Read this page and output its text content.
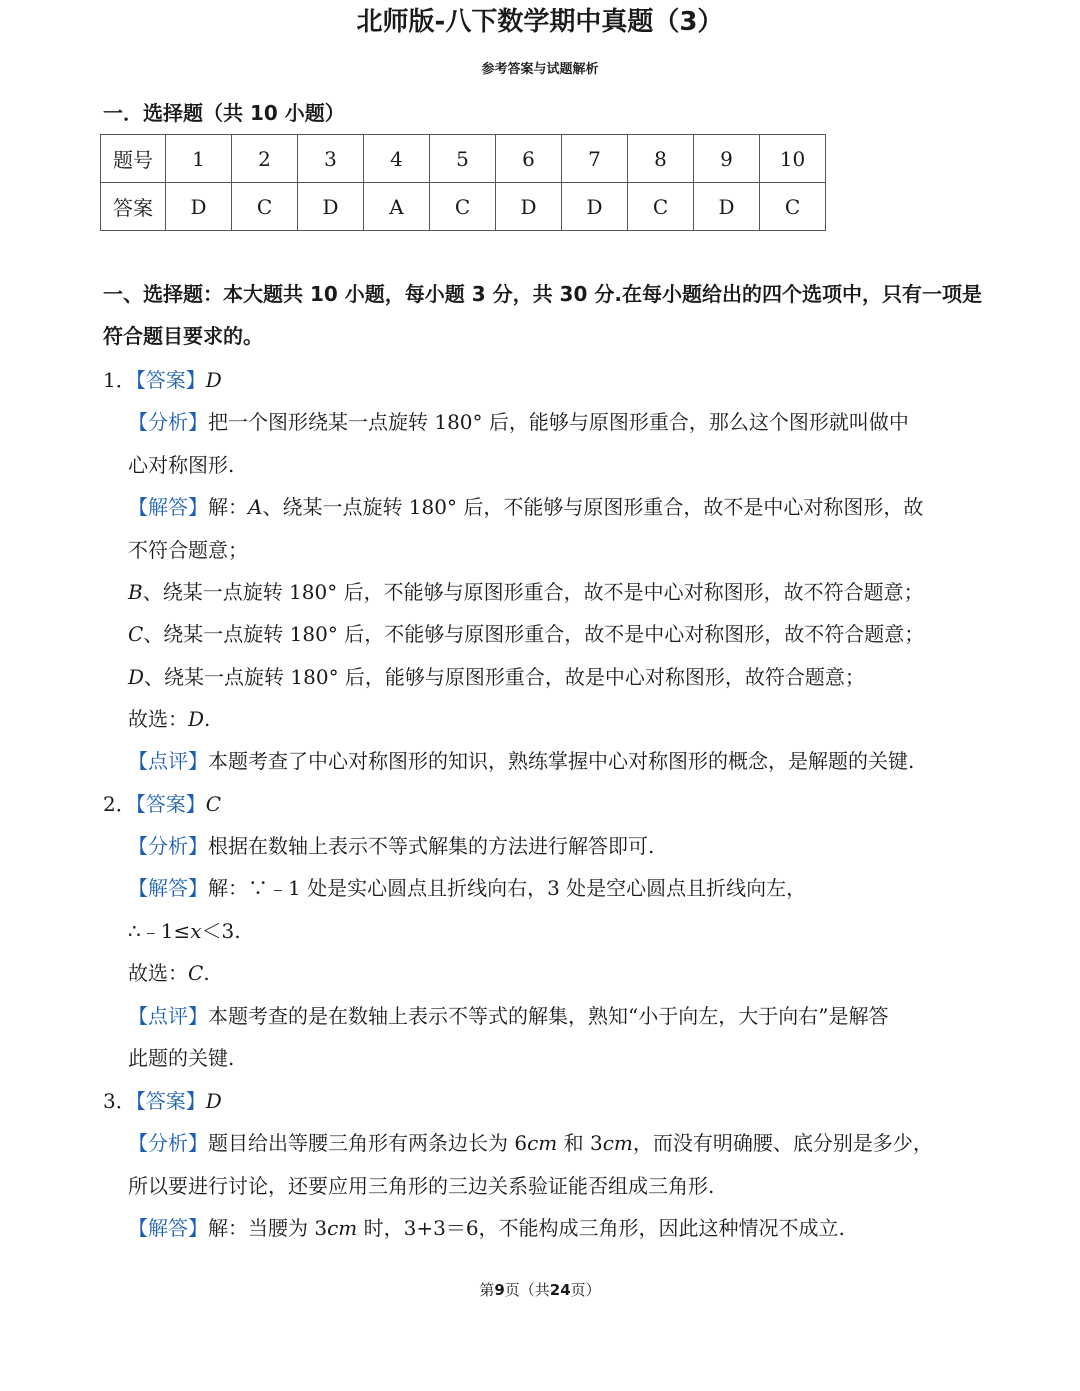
北师版-八下数学期中真题（3）
参考答案与试题解析
一．选择题（共 10 小题）
题号	1	2	3	4	5	6	7	8	9	10
答案	D	C	D	A	C	D	D	C	D	C
一、选择题：本大题共 10 小题，每小题 3 分，共 30 分.在每小题给出的四个选项中，只有一项是符合题目要求的。
1．【答案】D
【分析】把一个图形绕某一点旋转 180° 后，能够与原图形重合，那么这个图形就叫做中
心对称图形.
【解答】解：A、绕某一点旋转 180° 后，不能够与原图形重合，故不是中心对称图形，故
不符合题意；
B、绕某一点旋转 180° 后，不能够与原图形重合，故不是中心对称图形，故不符合题意；
C、绕某一点旋转 180° 后，不能够与原图形重合，故不是中心对称图形，故不符合题意；
D、绕某一点旋转 180° 后，能够与原图形重合，故是中心对称图形，故符合题意；
故选：D.
【点评】本题考查了中心对称图形的知识，熟练掌握中心对称图形的概念，是解题的关键.
2．【答案】C
【分析】根据在数轴上表示不等式解集的方法进行解答即可.
【解答】解：∵﹣1 处是实心圆点且折线向右，3 处是空心圆点且折线向左，
∴﹣1≤x＜3.
故选：C.
【点评】本题考查的是在数轴上表示不等式的解集，熟知“小于向左，大于向右”是解答
此题的关键.
3．【答案】D
【分析】题目给出等腰三角形有两条边长为 6cm 和 3cm，而没有明确腰、底分别是多少，
所以要进行讨论，还要应用三角形的三边关系验证能否组成三角形.
【解答】解：当腰为 3cm 时，3+3＝6，不能构成三角形，因此这种情况不成立.
第9页（共24页）
